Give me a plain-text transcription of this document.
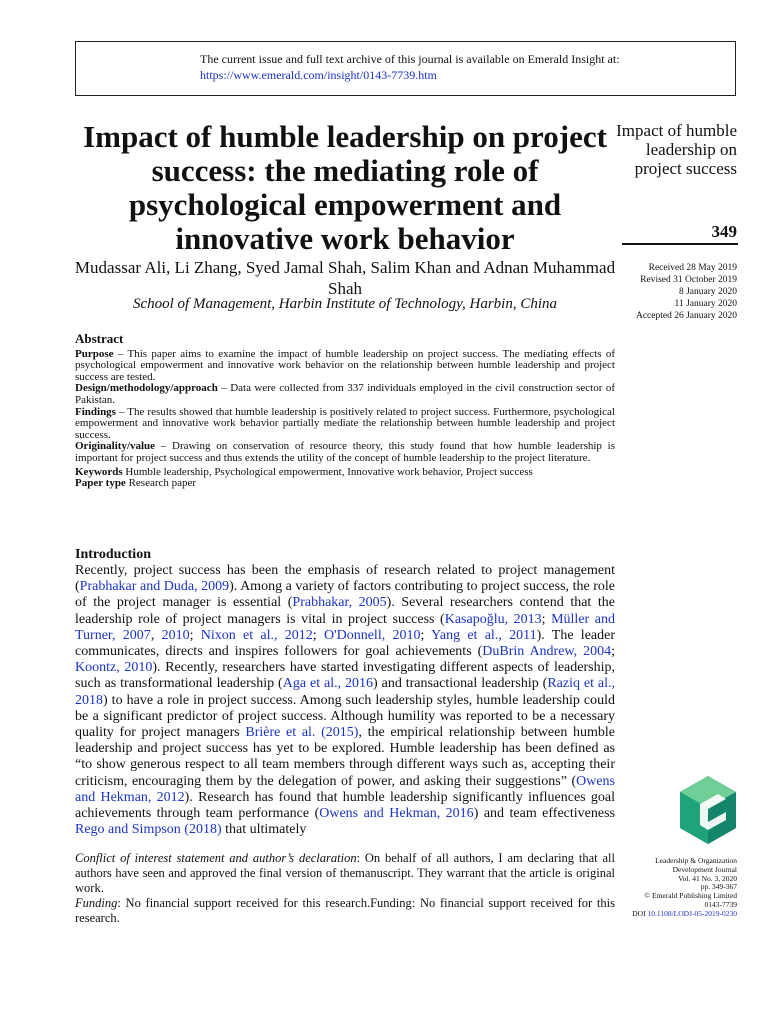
The current issue and full text archive of this journal is available on Emerald Insight at:
https://www.emerald.com/insight/0143-7739.htm
Impact of humble leadership on project success: the mediating role of psychological empowerment and innovative work behavior
Impact of humble leadership on project success
349
Received 28 May 2019
Revised 31 October 2019
8 January 2020
11 January 2020
Accepted 26 January 2020
Mudassar Ali, Li Zhang, Syed Jamal Shah, Salim Khan and Adnan Muhammad Shah
School of Management, Harbin Institute of Technology, Harbin, China
Abstract

Purpose – This paper aims to examine the impact of humble leadership on project success. The mediating effects of psychological empowerment and innovative work behavior on the relationship between humble leadership and project success are tested.

Design/methodology/approach – Data were collected from 337 individuals employed in the civil construction sector of Pakistan.

Findings – The results showed that humble leadership is positively related to project success. Furthermore, psychological empowerment and innovative work behavior partially mediate the relationship between humble leadership and project success.

Originality/value – Drawing on conservation of resource theory, this study found that how humble leadership is important for project success and thus extends the utility of the concept of humble leadership to the project literature.

Keywords Humble leadership, Psychological empowerment, Innovative work behavior, Project success

Paper type Research paper

Introduction

Recently, project success has been the emphasis of research related to project management (Prabhakar and Duda, 2009). Among a variety of factors contributing to project success, the role of the project manager is essential (Prabhakar, 2005). Several researchers contend that the leadership role of project managers is vital in project success (Kasapoğlu, 2013; Müller and Turner, 2007, 2010; Nixon et al., 2012; O'Donnell, 2010; Yang et al., 2011). The leader communicates, directs and inspires followers for goal achievements (DuBrin Andrew, 2004; Koontz, 2010). Recently, researchers have started investigating different aspects of leadership, such as transformational leadership (Aga et al., 2016) and transactional leadership (Raziq et al., 2018) to have a role in project success. Among such leadership styles, humble leadership could be a significant predictor of project success. Although humility was reported to be a necessary quality for project managers Brière et al. (2015), the empirical relationship between humble leadership and project success has yet to be explored. Humble leadership has been defined as “to show generous respect to all team members through different ways such as, accepting their criticism, encouraging them by the delegation of power, and asking their suggestions” (Owens and Hekman, 2012). Research has found that humble leadership significantly influences goal achievements through team performance (Owens and Hekman, 2016) and team effectiveness Rego and Simpson (2018) that ultimately

Conflict of interest statement and author’s declaration: On behalf of all authors, I am declaring that all authors have seen and approved the final version of themanuscript. They warrant that the article is original work.

Funding: No financial support received for this research.Funding: No financial support received for this research.

Leadership & Organization
Development Journal
Vol. 41 No. 3, 2020
pp. 349-367
© Emerald Publishing Limited
0143-7739
DOI 10.1108/LODJ-05-2019-0230
